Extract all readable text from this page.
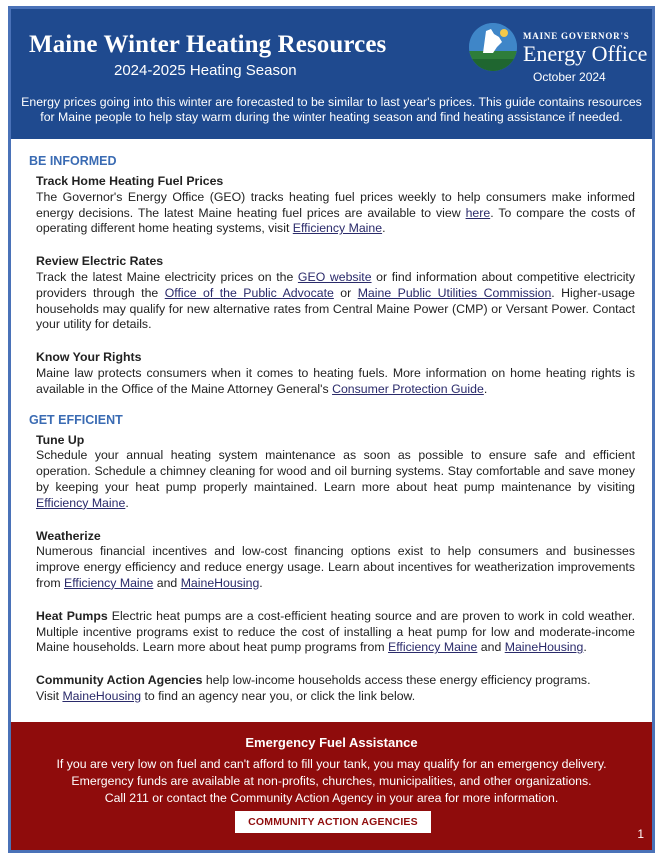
Maine Winter Heating Resources
2024-2025 Heating Season
MAINE GOVERNOR'S
Energy Office
October 2024
Energy prices going into this winter are forecasted to be similar to last year's prices. This guide contains resources for Maine people to help stay warm during the winter heating season and find heating assistance if needed.
BE INFORMED
Track Home Heating Fuel Prices
The Governor's Energy Office (GEO) tracks heating fuel prices weekly to help consumers make informed energy decisions. The latest Maine heating fuel prices are available to view here. To compare the costs of operating different home heating systems, visit Efficiency Maine.
Review Electric Rates
Track the latest Maine electricity prices on the GEO website or find information about competitive electricity providers through the Office of the Public Advocate or Maine Public Utilities Commission. Higher-usage households may qualify for new alternative rates from Central Maine Power (CMP) or Versant Power. Contact your utility for details.
Know Your Rights
Maine law protects consumers when it comes to heating fuels. More information on home heating rights is available in the Office of the Maine Attorney General's Consumer Protection Guide.
GET EFFICIENT
Tune Up
Schedule your annual heating system maintenance as soon as possible to ensure safe and efficient operation. Schedule a chimney cleaning for wood and oil burning systems. Stay comfortable and save money by keeping your heat pump properly maintained. Learn more about heat pump maintenance by visiting Efficiency Maine.
Weatherize
Numerous financial incentives and low-cost financing options exist to help consumers and businesses improve energy efficiency and reduce energy usage. Learn about incentives for weatherization improvements from Efficiency Maine and MaineHousing.
Heat Pumps Electric heat pumps are a cost-efficient heating source and are proven to work in cold weather. Multiple incentive programs exist to reduce the cost of installing a heat pump for low and moderate-income Maine households. Learn more about heat pump programs from Efficiency Maine and MaineHousing.
Community Action Agencies help low-income households access these energy efficiency programs.
Visit MaineHousing to find an agency near you, or click the link below.
Emergency Fuel Assistance
If you are very low on fuel and can't afford to fill your tank, you may qualify for an emergency delivery.
Emergency funds are available at non-profits, churches, municipalities, and other organizations.
Call 211 or contact the Community Action Agency in your area for more information.
COMMUNITY ACTION AGENCIES
1
